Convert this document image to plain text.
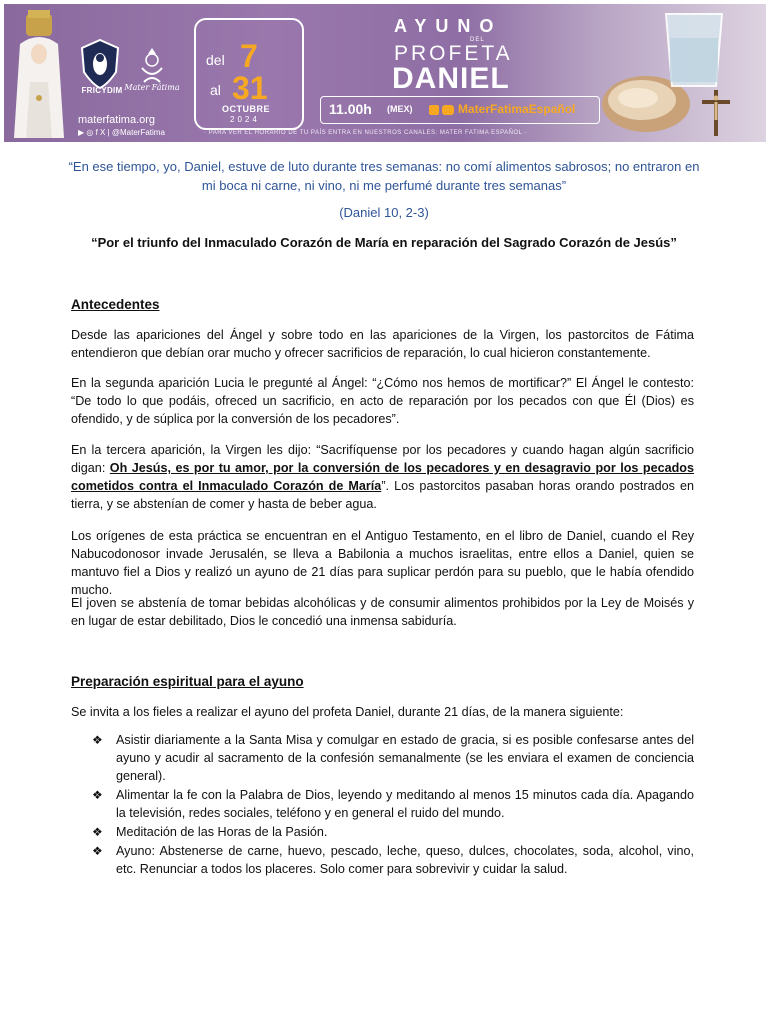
FRICYDIM Mater Fátima
materfatima.org
▶ ◎ f X | @MaterFatima
del 7
al 31
OCTUBRE
2024
AYUNO
DEL
PROFETA
DANIEL
11.00h (MEX)	MaterFatimaEspañol
· PARA VER EL HORARIO DE TU PAÍS ENTRA EN NUESTROS CANALES: MATER FATIMA ESPAÑOL ·
“En ese tiempo, yo, Daniel, estuve de luto durante tres semanas: no comí alimentos sabrosos; no entraron en mi boca ni carne, ni vino, ni me perfumé durante tres semanas”
(Daniel 10, 2-3)
“Por el triunfo del Inmaculado Corazón de María en reparación del Sagrado Corazón de Jesús”
Antecedentes
Desde las apariciones del Ángel y sobre todo en las apariciones de la Virgen, los pastorcitos de Fátima entendieron que debían orar mucho y ofrecer sacrificios de reparación, lo cual hicieron constantemente.
En la segunda aparición Lucia le pregunté al Ángel: “¿Cómo nos hemos de mortificar?” El Ángel le contesto: “De todo lo que podáis, ofreced un sacrificio, en acto de reparación por los pecados con que Él (Dios) es ofendido, y de súplica por la conversión de los pecadores”.
En la tercera aparición, la Virgen les dijo: “Sacrifíquense por los pecadores y cuando hagan algún sacrificio digan: Oh Jesús, es por tu amor, por la conversión de los pecadores y en desagravio por los pecados cometidos contra el Inmaculado Corazón de María”. Los pastorcitos pasaban horas orando postrados en tierra, y se abstenían de comer y hasta de beber agua.
Los orígenes de esta práctica se encuentran en el Antiguo Testamento, en el libro de Daniel, cuando el Rey Nabucodonosor invade Jerusalén, se lleva a Babilonia a muchos israelitas, entre ellos a Daniel, quien se mantuvo fiel a Dios y realizó un ayuno de 21 días para suplicar perdón para su pueblo, que le había ofendido mucho.
El joven se abstenía de tomar bebidas alcohólicas y de consumir alimentos prohibidos por la Ley de Moisés y en lugar de estar debilitado, Dios le concedió una inmensa sabiduría.
Preparación espiritual para el ayuno
Se invita a los fieles a realizar el ayuno del profeta Daniel, durante 21 días, de la manera siguiente:
❖ Asistir diariamente a la Santa Misa y comulgar en estado de gracia, si es posible confesarse antes del ayuno y acudir al sacramento de la confesión semanalmente (se les enviara el examen de conciencia general).
❖ Alimentar la fe con la Palabra de Dios, leyendo y meditando al menos 15 minutos cada día. Apagando la televisión, redes sociales, teléfono y en general el ruido del mundo.
❖ Meditación de las Horas de la Pasión.
❖ Ayuno: Abstenerse de carne, huevo, pescado, leche, queso, dulces, chocolates, soda, alcohol, vino, etc. Renunciar a todos los placeres. Solo comer para sobrevivir y cuidar la salud.
